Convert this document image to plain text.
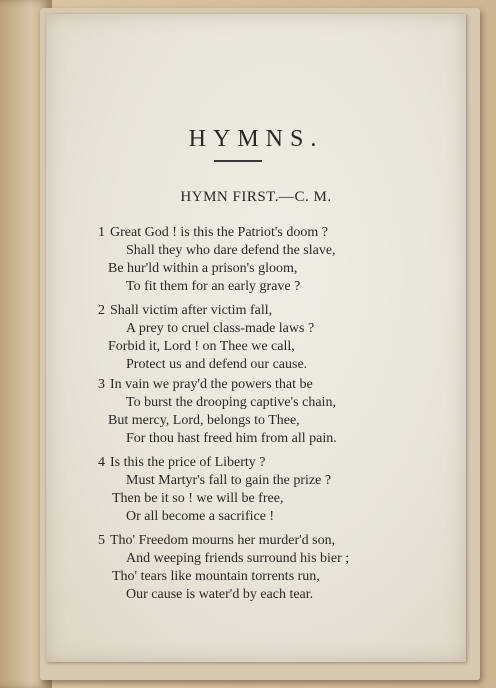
HYMNS.
HYMN FIRST.—C. M.
1 Great God ! is this the Patriot's doom ?
Shall they who dare defend the slave,
Be hur'ld within a prison's gloom,
To fit them for an early grave ?
2 Shall victim after victim fall,
A prey to cruel class-made laws ?
Forbid it, Lord ! on Thee we call,
Protect us and defend our cause.
3 In vain we pray'd the powers that be
To burst the drooping captive's chain,
But mercy, Lord, belongs to Thee,
For thou hast freed him from all pain.
4 Is this the price of Liberty ?
Must Martyr's fall to gain the prize ?
Then be it so ! we will be free,
Or all become a sacrifice !
5 Tho' Freedom mourns her murder'd son,
And weeping friends surround his bier ;
Tho' tears like mountain torrents run,
Our cause is water'd by each tear.
